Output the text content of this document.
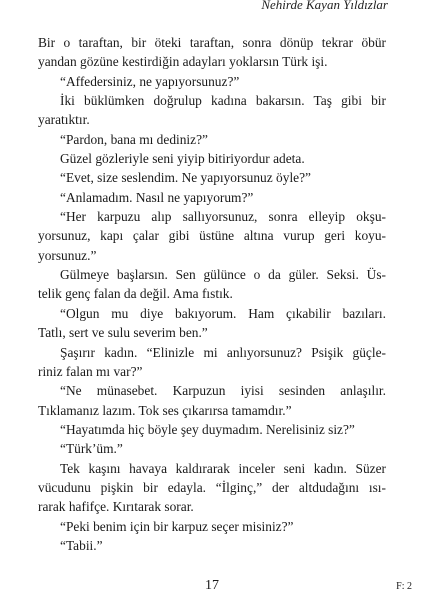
Nehirde Kayan Yıldızlar
Bir o taraftan, bir öteki taraftan, sonra dönüp tekrar öbür
yandan gözüne kestirdiğin adayları yoklarsın Türk işi.
“Affedersiniz, ne yapıyorsunuz?”
İki büklümken doğrulup kadına bakarsın. Taş gibi bir
yaratıktır.
“Pardon, bana mı dediniz?”
Güzel gözleriyle seni yiyip bitiriyordur adeta.
“Evet, size seslendim. Ne yapıyorsunuz öyle?”
“Anlamadım. Nasıl ne yapıyorum?”
“Her karpuzu alıp sallıyorsunuz, sonra elleyip okşu-
yorsunuz, kapı çalar gibi üstüne altına vurup geri koyu-
yorsunuz.”
Gülmeye başlarsın. Sen gülünce o da güler. Seksi. Üs-
telik genç falan da değil. Ama fıstık.
“Olgun mu diye bakıyorum. Ham çıkabilir bazıları.
Tatlı, sert ve sulu severim ben.”
Şaşırır kadın. “Elinizle mi anlıyorsunuz? Psişik güçle-
riniz falan mı var?”
“Ne münasebet. Karpuzun iyisi sesinden anlaşılır.
Tıklamanız lazım. Tok ses çıkarırsa tamamdır.”
“Hayatımda hiç böyle şey duymadım. Nerelisiniz siz?”
“Türk’üm.”
Tek kaşını havaya kaldırarak inceler seni kadın. Süzer
vücudunu pişkin bir edayla. “İlginç,” der altdudağını ısı-
rarak hafifçe. Kırıtarak sorar.
“Peki benim için bir karpuz seçer misiniz?”
“Tabii.”
17	F: 2
